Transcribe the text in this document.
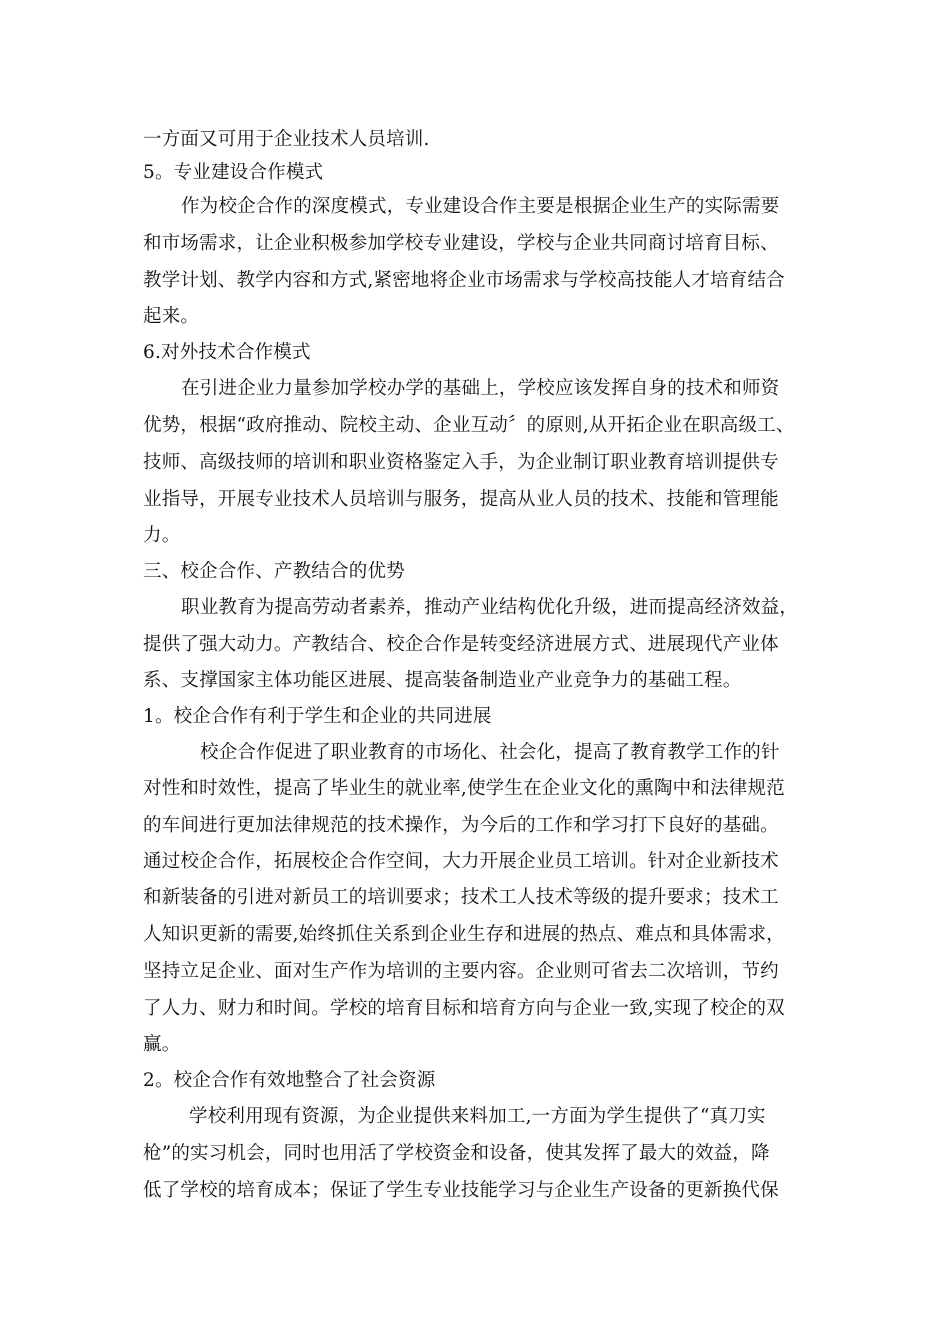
一方面又可用于企业技术人员培训.
5。专业建设合作模式
作为校企合作的深度模式，专业建设合作主要是根据企业生产的实际需要
和市场需求，让企业积极参加学校专业建设，学校与企业共同商讨培育目标、
教学计划、教学内容和方式,紧密地将企业市场需求与学校高技能人才培育结合
起来。
6.对外技术合作模式
在引进企业力量参加学校办学的基础上，学校应该发挥自身的技术和师资
优势，根据“政府推动、院校主动、企业互动〞的原则,从开拓企业在职高级工、
技师、高级技师的培训和职业资格鉴定入手，为企业制订职业教育培训提供专
业指导，开展专业技术人员培训与服务，提高从业人员的技术、技能和管理能
力。
三、校企合作、产教结合的优势
职业教育为提高劳动者素养，推动产业结构优化升级，进而提高经济效益，
提供了强大动力。产教结合、校企合作是转变经济进展方式、进展现代产业体
系、支撑国家主体功能区进展、提高装备制造业产业竞争力的基础工程。
1。校企合作有利于学生和企业的共同进展
校企合作促进了职业教育的市场化、社会化，提高了教育教学工作的针
对性和时效性，提高了毕业生的就业率,使学生在企业文化的熏陶中和法律规范
的车间进行更加法律规范的技术操作，为今后的工作和学习打下良好的基础。
通过校企合作，拓展校企合作空间，大力开展企业员工培训。针对企业新技术
和新装备的引进对新员工的培训要求；技术工人技术等级的提升要求；技术工
人知识更新的需要,始终抓住关系到企业生存和进展的热点、难点和具体需求，
坚持立足企业、面对生产作为培训的主要内容。企业则可省去二次培训，节约
了人力、财力和时间。学校的培育目标和培育方向与企业一致,实现了校企的双
赢。
2。校企合作有效地整合了社会资源
学校利用现有资源，为企业提供来料加工,一方面为学生提供了“真刀实
枪”的实习机会，同时也用活了学校资金和设备，使其发挥了最大的效益，降
低了学校的培育成本；保证了学生专业技能学习与企业生产设备的更新换代保
